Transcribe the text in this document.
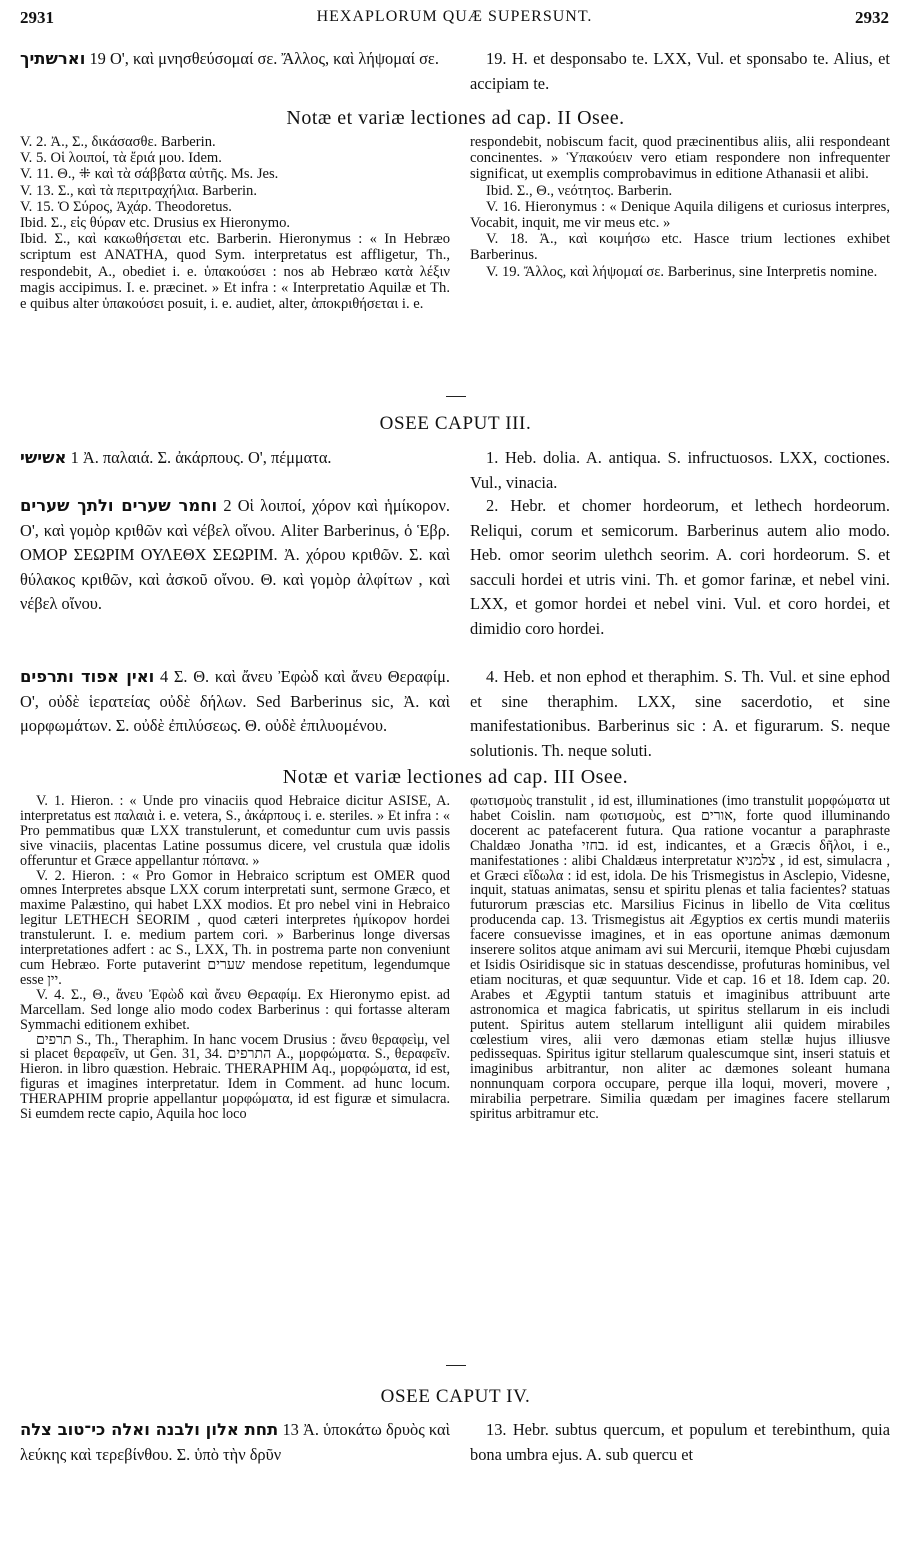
2931	HEXAPLORUM QUÆ SUPERSUNT.	2932

וארשתיך 19 Ο', καὶ μνησθεύσομαί σε. Ἄλλος, καὶ λήψομαί σε.	19. H. et desponsabo te. LXX, Vul. et sponsabo te. Alius, et accipiam te.

Notæ et variæ lectiones ad cap. II Osee.

V. 2. Ἀ., Σ., δικάσασθε. Barberin.

V. 5. Οἱ λοιποί, τὰ ἔριά μου. Idem.

V. 11. Θ., ⁜ καὶ τὰ σάββατα αὐτῆς. Ms. Jes.

V. 13. Σ., καὶ τὰ περιτραχήλια. Barberin.

V. 15. Ὁ Σύρος, Ἀχάρ. Theodoretus.

Ibid. Σ., εἰς θύραν etc. Drusius ex Hieronymo.

Ibid. Σ., καὶ κακωθήσεται etc. Barberin. Hieronymus : « In Hebræo scriptum est ANATHA, quod Sym. interpretatus est affligetur, Th., respondebit, A., obediet i. e. ὑπακούσει : nos ab Hebræo κατὰ λέξιν magis accipimus. I. e. præcinet. » Et infra : « Interpretatio Aquilæ et Th. e quibus alter ὑπακούσει posuit, i. e. audiet, alter, ἀποκριθήσεται i. e.

respondebit, nobiscum facit, quod præcinentibus aliis, alii respondeant concinentes. » Ὑπακούειν vero etiam respondere non infrequenter significat, ut exemplis comprobavimus in editione Athanasii et alibi.

Ibid. Σ., Θ., νεότητος. Barberin.

V. 16. Hieronymus : « Denique Aquila diligens et curiosus interpres, Vocabit, inquit, me vir meus etc. »

V. 18. Ἀ., καὶ κοιμήσω etc. Hasce trium lectiones exhibet Barberinus.

V. 19. Ἄλλος, καὶ λήψομαί σε. Barberinus, sine Interpretis nomine.

OSEE CAPUT III.

אשישי 1 Ἀ. παλαιά. Σ. ἀκάρπους. Ο', πέμματα.	1. Heb. dolia. A. antiqua. S. infructuosos. LXX, coctiones. Vul., vinacia.

וחמר שערים ולתך שערים 2 Οἱ λοιποί, χόρον καὶ ἡμίκορον. Ο', καὶ γομὸρ κριθῶν καὶ νέβελ οἴνου. Aliter Barberinus, ὁ Ἑβρ. ΟΜΟΡ ΣΕΩΡΙΜ ΟΥΛΕΘΧ ΣΕΩΡΙΜ. Ἀ. χόρου κριθῶν. Σ. καὶ θύλακος κριθῶν, καὶ ἀσκοῦ οἴνου. Θ. καὶ γομὸρ ἀλφίτων , καὶ νέβελ οἴνου.

2. Hebr. et chomer hordeorum, et lethech hordeorum. Reliqui, corum et semicorum. Barberinus autem alio modo. Heb. omor seorim ulethch seorim. A. cori hordeorum. S. et sacculi hordei et utris vini. Th. et gomor farinæ, et nebel vini. LXX, et gomor hordei et nebel vini. Vul. et coro hordei, et dimidio coro hordei.

ואין אפוד ותרפים 4 Σ. Θ. καὶ ἄνευ Ἐφὼδ καὶ ἄνευ Θεραφίμ. Ο', οὐδὲ ἱερατείας οὐδὲ δήλων. Sed Barberinus sic, Ἀ. καὶ μορφωμάτων. Σ. οὐδὲ ἐπιλύσεως. Θ. οὐδὲ ἐπιλυομένου.

4. Heb. et non ephod et theraphim. S. Th. Vul. et sine ephod et sine theraphim. LXX, sine sacerdotio, et sine manifestationibus. Barberinus sic : A. et figurarum. S. neque solutionis. Th. neque soluti.

Notæ et variæ lectiones ad cap. III Osee.

V. 1. Hieron. : « Unde pro vinaciis quod Hebraice dicitur ASISE, A. interpretatus est παλαιὰ i. e. vetera, S., ἀκάρπους i. e. steriles. » Et infra : « Pro pemmatibus quæ LXX transtulerunt, et comeduntur cum uvis passis sive vinaciis, placentas Latine possumus dicere, vel crustula quæ idolis offeruntur et Græce appellantur πόπανα. »

V. 2. Hieron. : « Pro Gomor in Hebraico scriptum est OMER quod omnes Interpretes absque LXX corum interpretati sunt, sermone Græco, et maxime Palæstino, qui habet LXX modios. Et pro nebel vini in Hebraico legitur LETHECH SEORIM , quod cæteri interpretes ἡμίκορον hordei transtulerunt. I. e. medium partem cori. » Barberinus longe diversas interpretationes adfert : ac S., LXX, Th. in postrema parte non conveniunt cum Hebræo. Forte putaverint שערים mendose repetitum, legendumque esse יין.

V. 4. Σ., Θ., ἄνευ Ἐφὼδ καὶ ἄνευ Θεραφίμ. Ex Hieronymo epist. ad Marcellam. Sed longe alio modo codex Barberinus : qui fortasse alteram Symmachi editionem exhibet.

תרפים S., Th., Theraphim. In hanc vocem Drusius : ἄνευ θεραφεὶμ, vel si placet θεραφεῖν, ut Gen. 31, 34. התרפים A., μορφώματα. S., θεραφεῖν. Hieron. in libro quæstion. Hebraic. THERAPHIM Aq., μορφώματα, id est, figuras et imagines interpretatur. Idem in Comment. ad hunc locum. THERAPHIM proprie appellantur μορφώματα, id est figuræ et simulacra. Si eumdem recte capio, Aquila hoc loco

φωτισμοὺς transtulit , id est, illuminationes (imo transtulit μορφώματα ut habet Coislin. nam φωτισμοὺς, est אורים, forte quod illuminando docerent ac patefacerent futura. Qua ratione vocantur a paraphraste Chaldæo Jonatha בחזי. id est, indicantes, et a Græcis δῆλοι, i e., manifestationes : alibi Chaldæus interpretatur צלמניא , id est, simulacra , et Græci εἴδωλα : id est, idola. De his Trismegistus in Asclepio, Videsne, inquit, statuas animatas, sensu et spiritu plenas et talia facientes? statuas futurorum præscias etc. Marsilius Ficinus in libello de Vita cœlitus producenda cap. 13. Trismegistus ait Ægyptios ex certis mundi materiis facere consuevisse imagines, et in eas oportune animas dæmonum inserere solitos atque animam avi sui Mercurii, itemque Phœbi cujusdam et Isidis Osiridisque sic in statuas descendisse, profuturas hominibus, vel etiam nocituras, et quæ sequuntur. Vide et cap. 16 et 18. Idem cap. 20. Arabes et Ægyptii tantum statuis et imaginibus attribuunt arte astronomica et magica fabricatis, ut spiritus stellarum in eis includi putent. Spiritus autem stellarum intelligunt alii quidem mirabiles cœlestium vires, alii vero dæmonas etiam stellæ hujus illiusve pedissequas. Spiritus igitur stellarum qualescumque sint, inseri statuis et imaginibus arbitrantur, non aliter ac dæmones soleant humana nonnunquam corpora occupare, perque illa loqui, moveri, movere , mirabilia perpetrare. Similia quædam per imagines facere stellarum spiritus arbitramur etc.

OSEE CAPUT IV.

תחת אלון ולבנה ואלה כי־טוב צלה 13 Ἀ. ὑποκάτω δρυὸς καὶ λεύκης καὶ τερεβίνθου. Σ. ὑπὸ τὴν δρῦν

13. Hebr. subtus quercum, et populum et terebinthum, quia bona umbra ejus. A. sub quercu et
